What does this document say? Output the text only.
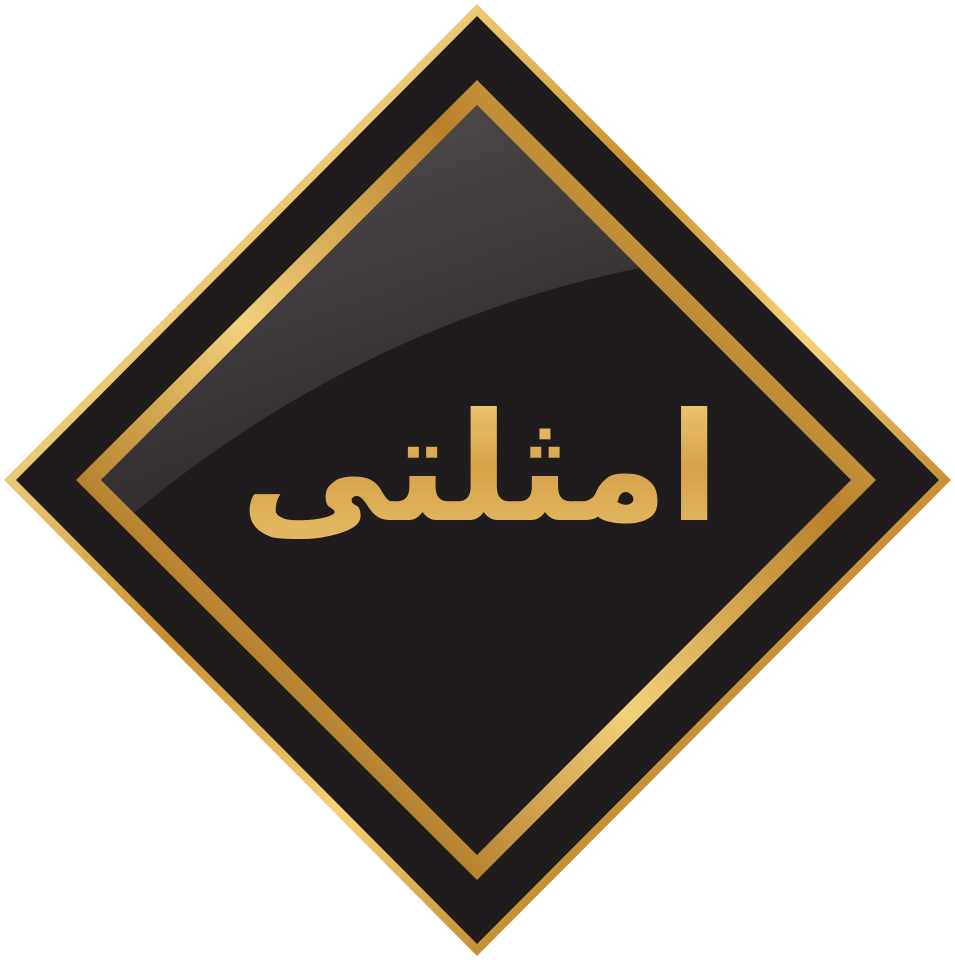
امثلتی
